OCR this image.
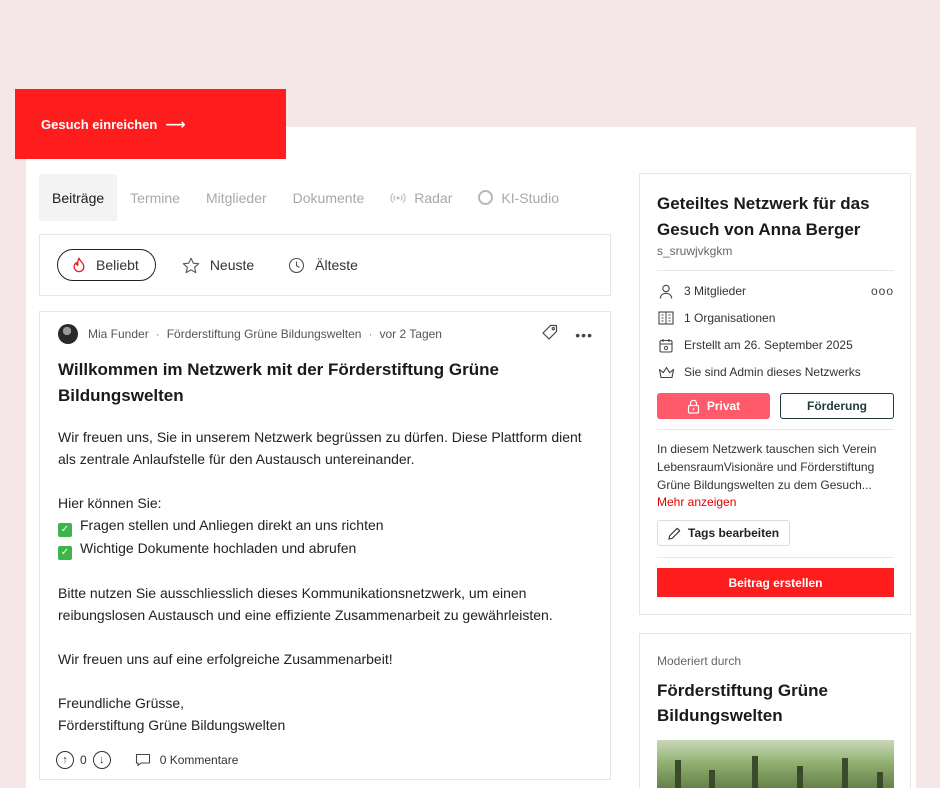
Gesuch einreichen ⟶
Beiträge Termine Mitglieder Dokumente	Radar	KI-Studio
Beliebt	Neuste	Älteste
Mia Funder · Förderstiftung Grüne Bildungswelten · vor 2 Tagen	•••
Willkommen im Netzwerk mit der Förderstiftung Grüne Bildungswelten

Wir freuen uns, Sie in unserem Netzwerk begrüssen zu dürfen. Diese Plattform dient als zentrale Anlaufstelle für den Austausch untereinander.

Hier können Sie:

✓ Fragen stellen und Anliegen direkt an uns richten

✓ Wichtige Dokumente hochladen und abrufen

Bitte nutzen Sie ausschliesslich dieses Kommunikationsnetzwerk, um einen reibungslosen Austausch und eine effiziente Zusammenarbeit zu gewährleisten.

Wir freuen uns auf eine erfolgreiche Zusammenarbeit!

Freundliche Grüsse,

Förderstiftung Grüne Bildungswelten

↑	0	↓	0 Kommentare
Geteiltes Netzwerk für das Gesuch von Anna Berger
s_sruwjvkgkm
3 Mitglieder	ooo
1 Organisationen
Erstellt am 26. September 2025
Sie sind Admin dieses Netzwerks
Privat	Förderung

In diesem Netzwerk tauschen sich Verein LebensraumVisionäre und Förderstiftung Grüne Bildungswelten zu dem Gesuch...

Mehr anzeigen
Tags bearbeiten
Beitrag erstellen
Moderiert durch
Förderstiftung Grüne Bildungswelten
